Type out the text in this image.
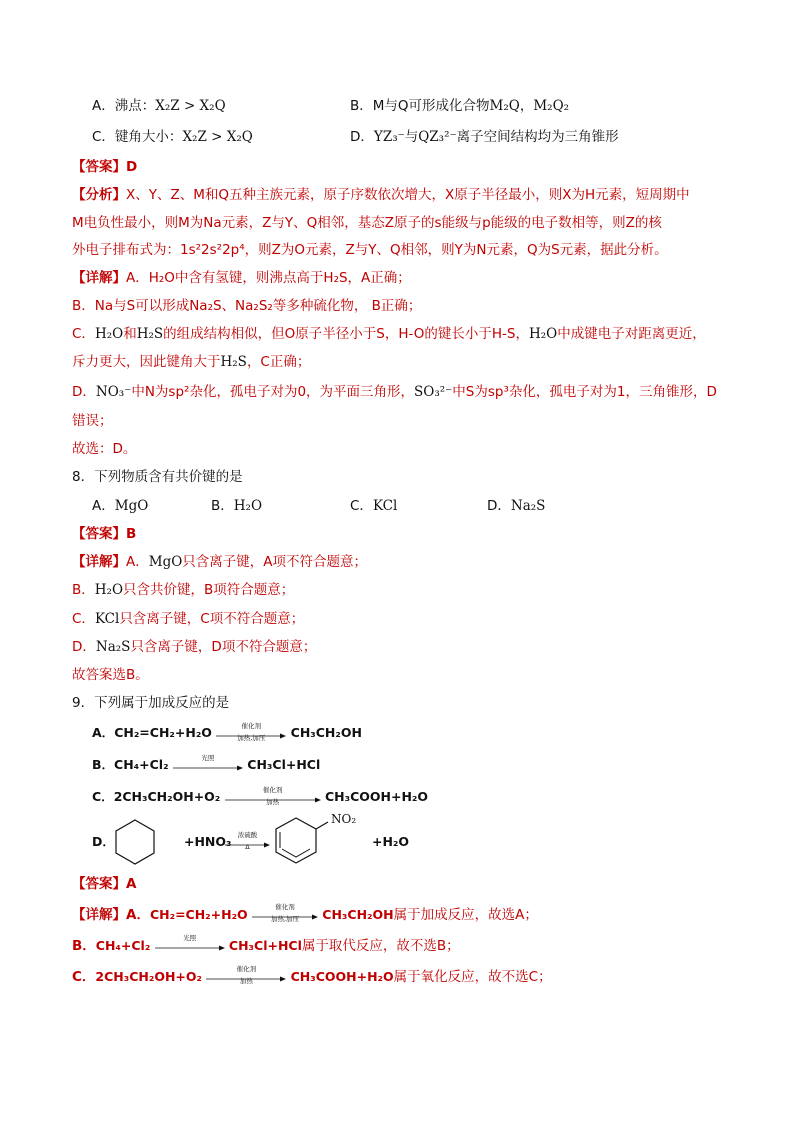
A．沸点：X₂Z > X₂Q	B．M与Q可形成化合物M₂Q，M₂Q₂
C．键角大小：X₂Z > X₂Q	D．YZ₃⁻与QZ₃²⁻离子空间结构均为三角锥形
【答案】D
【分析】X、Y、Z、M和Q五种主族元素，原子序数依次增大，X原子半径最小，则X为H元素，短周期中
M电负性最小，则M为Na元素，Z与Y、Q相邻，基态Z原子的s能级与p能级的电子数相等，则Z的核
外电子排布式为：1s²2s²2p⁴，则Z为O元素，Z与Y、Q相邻，则Y为N元素，Q为S元素，据此分析。
【详解】A．H₂O中含有氢键，则沸点高于H₂S，A正确；
B．Na与S可以形成Na₂S、Na₂S₂等多种硫化物， B正确；
C．H₂O和H₂S的组成结构相似，但O原子半径小于S，H-O的键长小于H-S，H₂O中成键电子对距离更近，
斥力更大，因此键角大于H₂S，C正确；
D．NO₃⁻中N为sp²杂化，孤电子对为0，为平面三角形，SO₃²⁻中S为sp³杂化，孤电子对为1，三角锥形，D
错误；
故选：D。
8．下列物质含有共价键的是
A．MgO	B．H₂O	C．KCl	D．Na₂S
【答案】B
【详解】A．MgO只含离子键，A项不符合题意；
B．H₂O只含共价键，B项符合题意；
C．KCl只含离子键，C项不符合题意；
D．Na₂S只含离子键，D项不符合题意；
故答案选B。
9．下列属于加成反应的是
A．CH₂=CH₂+H₂O	催化剂
加热,加压	CH₃CH₂OH
B．CH₄+Cl₂	光照	CH₃Cl+HCl
C．2CH₃CH₂OH+O₂	催化剂
加热	CH₃COOH+H₂O
D．	+HNO₃ 浓硫酸
Δ
NO₂
+H₂O
【答案】A
【详解】A．CH₂=CH₂+H₂O	催化剂
加热,加压	CH₃CH₂OH属于加成反应，故选A；
B．CH₄+Cl₂	光照	CH₃Cl+HCl属于取代反应，故不选B；
C．2CH₃CH₂OH+O₂	催化剂
加热	CH₃COOH+H₂O属于氧化反应，故不选C；
